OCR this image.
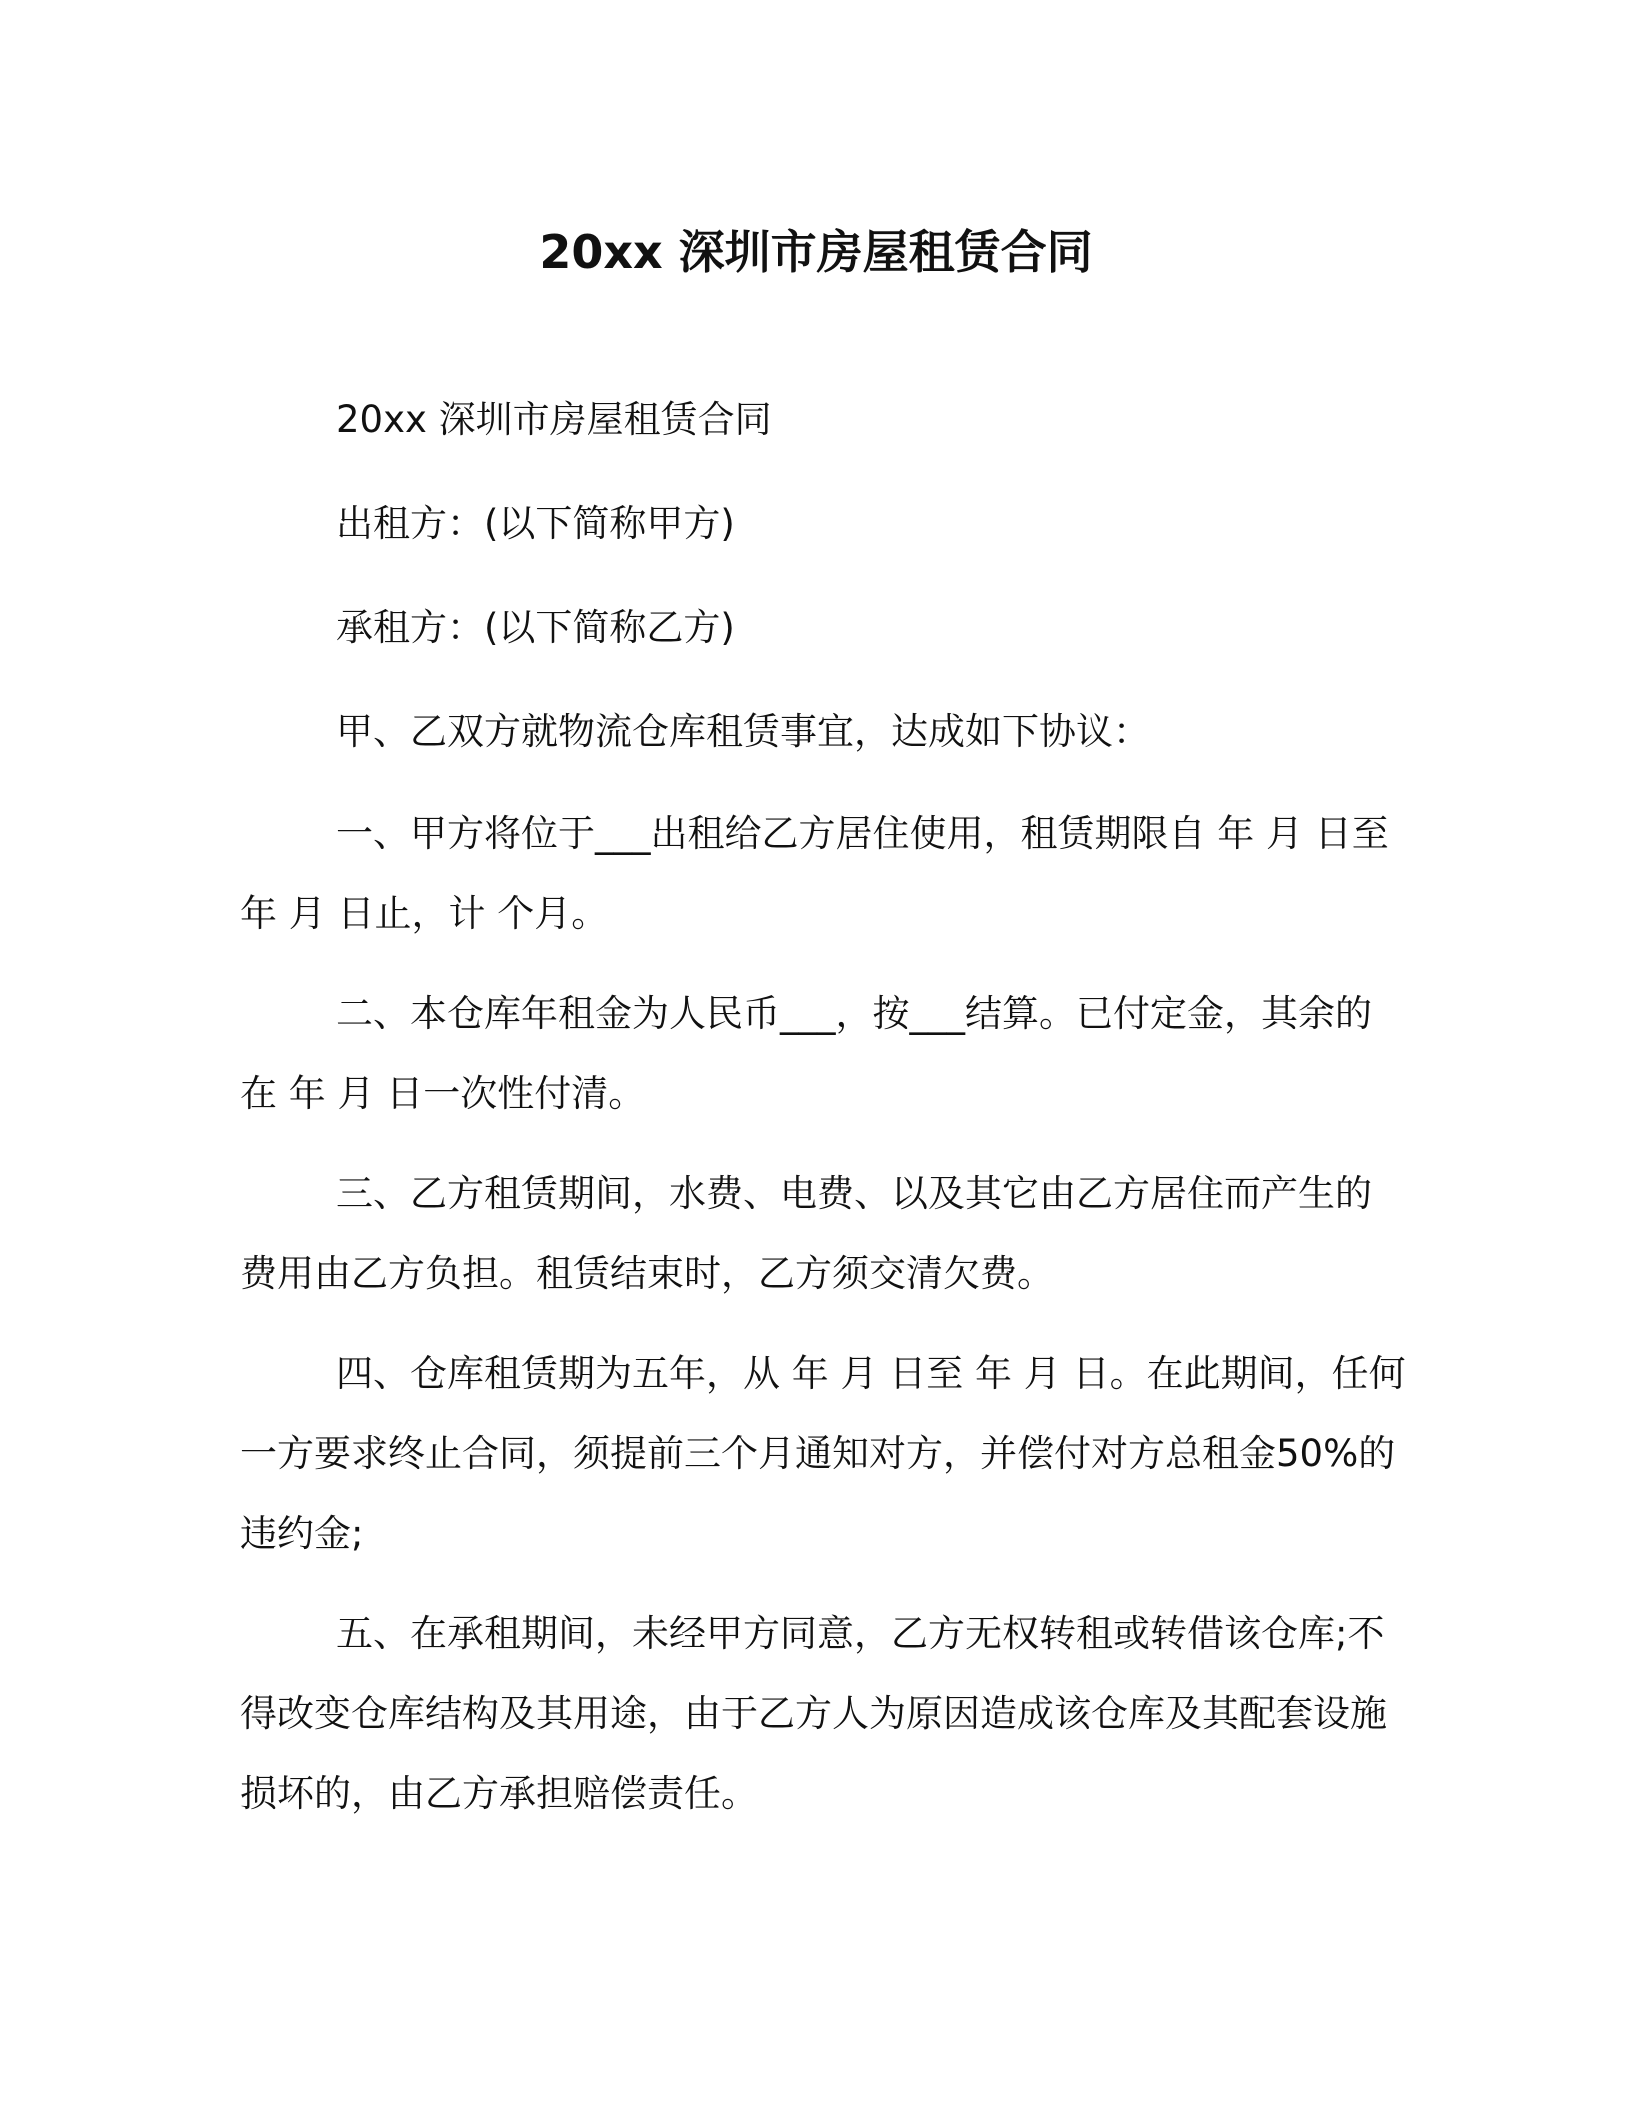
20xx 深圳市房屋租赁合同
20xx 深圳市房屋租赁合同
出租方：(以下简称甲方)
承租方：(以下简称乙方)
甲、乙双方就物流仓库租赁事宜，达成如下协议：
一、甲方将位于___出租给乙方居住使用，租赁期限自 年 月 日至 年 月 日止，计 个月。
二、本仓库年租金为人民币___，按___结算。已付定金，其余的在 年 月 日一次性付清。
三、乙方租赁期间，水费、电费、以及其它由乙方居住而产生的费用由乙方负担。租赁结束时，乙方须交清欠费。
四、仓库租赁期为五年，从 年 月 日至 年 月 日。在此期间，任何一方要求终止合同，须提前三个月通知对方，并偿付对方总租金50%的违约金;
五、在承租期间，未经甲方同意，乙方无权转租或转借该仓库;不得改变仓库结构及其用途，由于乙方人为原因造成该仓库及其配套设施损坏的，由乙方承担赔偿责任。
